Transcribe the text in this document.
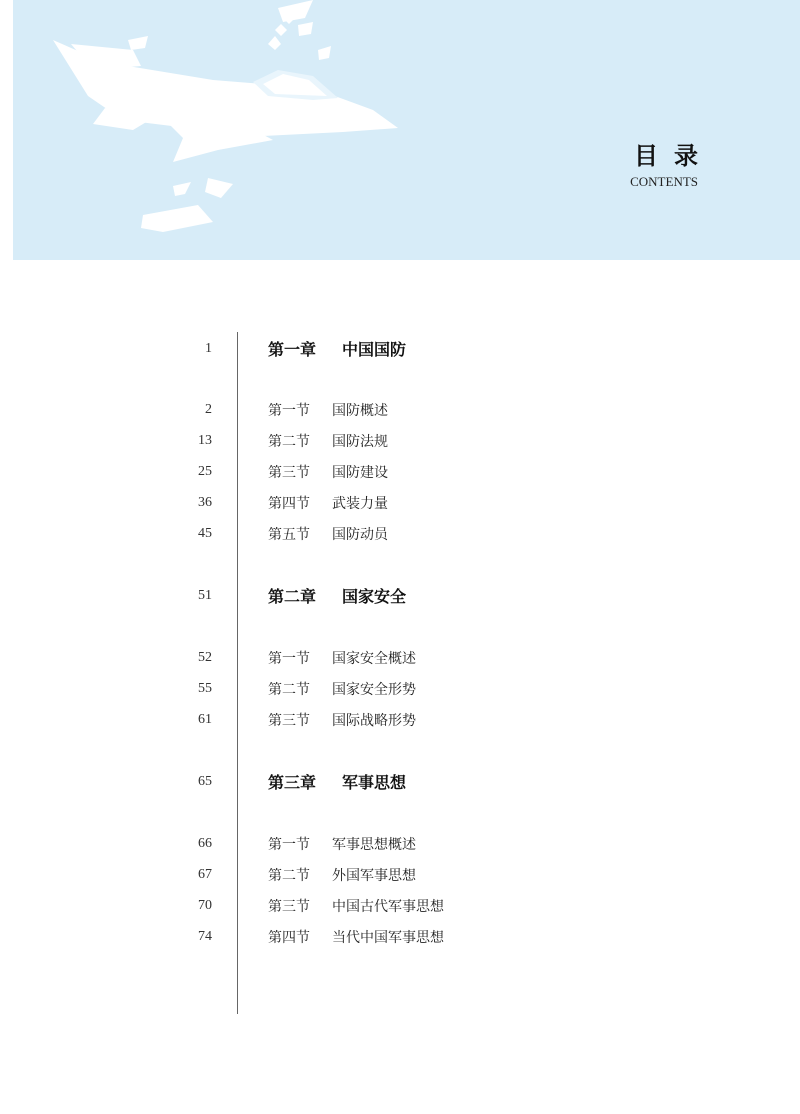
目录
CONTENTS
1	第一章 中国国防
2	第一节 国防概述
13	第二节 国防法规
25	第三节 国防建设
36	第四节 武装力量
45	第五节 国防动员
51	第二章 国家安全
52	第一节 国家安全概述
55	第二节 国家安全形势
61	第三节 国际战略形势
65	第三章 军事思想
66	第一节 军事思想概述
67	第二节 外国军事思想
70	第三节 中国古代军事思想
74	第四节 当代中国军事思想
